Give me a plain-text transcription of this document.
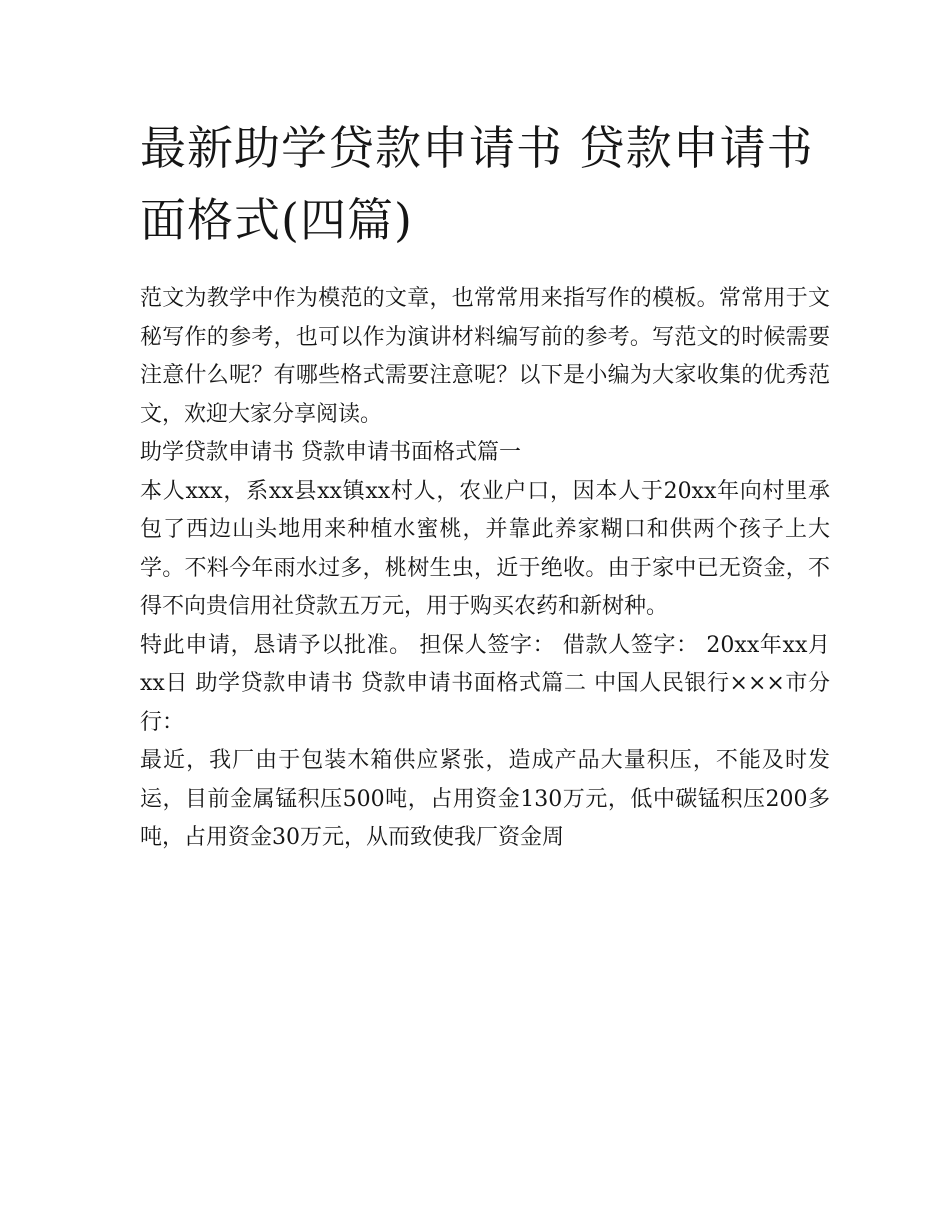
最新助学贷款申请书 贷款申请书面格式(四篇)

范文为教学中作为模范的文章，也常常用来指写作的模板。常常用于文秘写作的参考，也可以作为演讲材料编写前的参考。写范文的时候需要注意什么呢？有哪些格式需要注意呢？以下是小编为大家收集的优秀范文，欢迎大家分享阅读。

助学贷款申请书 贷款申请书面格式篇一

本人xxx，系xx县xx镇xx村人，农业户口，因本人于20xx年向村里承包了西边山头地用来种植水蜜桃，并靠此养家糊口和供两个孩子上大学。不料今年雨水过多，桃树生虫，近于绝收。由于家中已无资金，不得不向贵信用社贷款五万元，用于购买农药和新树种。

特此申请，恳请予以批准。 担保人签字： 借款人签字： 20xx年xx月xx日 助学贷款申请书 贷款申请书面格式篇二 中国人民银行×××市分行：

最近，我厂由于包装木箱供应紧张，造成产品大量积压，不能及时发运，目前金属锰积压500吨，占用资金130万元，低中碳锰积压200多吨，占用资金30万元，从而致使我厂资金周
